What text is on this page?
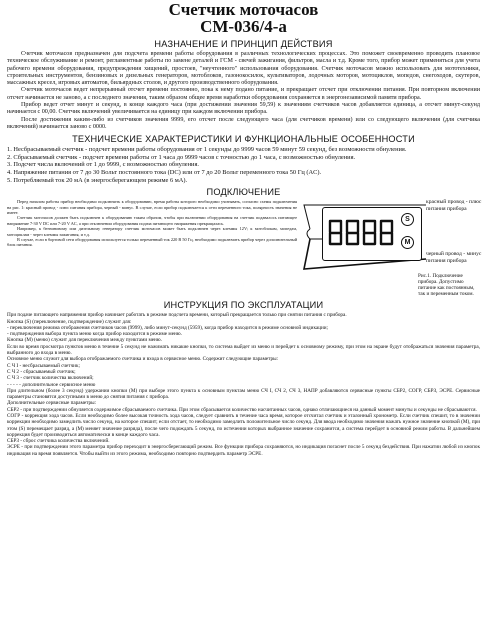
Счетчик моточасов
СМ-036/4-а
НАЗНАЧЕНИЕ И ПРИНЦИП ДЕЙСТВИЯ

Счетчик моточасов предназначен для подсчета времени работы оборудования в различных технологических процессах. Это поможет своевременно проводить плановое техническое обслуживание и ремонт, регламентные работы по замене деталей и ГСМ - свечей зажигания, фильтров, масла и т.д. Кроме того, прибор может применяться для учета рабочего времени оборудования, предупреждения хищений, простоев, "неучтенного" использования оборудования. Счетчик моточасов можно использовать для мототехники, строительных инструментов, бензиновых и дизельных генераторов, мотоблоков, газонокосилок, культиваторов, лодочных моторов, мотоциклов, мопедов, снегоходов, скутеров, массажных кресел, игровых автоматов, бильярдных столов, и другого производственного оборудования.

Счетчик моточасов ведет непрерывный отсчет времени постоянно, пока к нему подано питание, и прекращает отсчет при отключении питания. При повторном включении отсчет начинается не заново, а с последнего значения, таким образом общее время наработки оборудования сохраняется в энергонезависимой памяти прибора.

Прибор ведет отчет минут и секунд, в конце каждого часа (при достижении значения 59,59) к значениям счетчиков часов добавляется единица, а отсчет минут-секунд начинается с 00,00. Счетчик включений увеличивается на единицу при каждом включении прибора.

После достижения каким-либо из счетчиков значения 9999, его отсчет после следующего часа (для счетчиков времени) или со следующего включения (для счетчика включений) начинается заново с 0000.

ТЕХНИЧЕСКИЕ ХАРАКТЕРИСТИКИ И ФУНКЦИОНАЛЬНЫЕ ОСОБЕННОСТИ

1. Несбрасываемый счетчик - подсчет времени работы оборудования от 1 секунды до 9999 часов 59 минут 59 секунд, без возможности обнуления.

2. Сбрасываемый счетчик - подсчет времени работы от 1 часа до 9999 часов с точностью до 1 часа, с возможностью обнуления.

3. Подсчет числа включений от 1 до 9999, с возможностью обнуления.

4. Напряжение питания от 7 до 30 Вольт постоянного тока (DC) или от 7 до 20 Вольт переменного тока 50 Гц (AC).

5. Потребляемый ток 20 мА (в энергосберегающем режиме 6 мА).

ПОДКЛЮЧЕНИЕ

Перед началом работы прибор необходимо подключить к оборудованию, время работы которого необходимо учитывать, согласно схемы подключения на рис. 1: красный провод - плюс питания прибора, черный - минус. В случае, если прибор подключается к сети переменного тока, полярность значения не имеет.

Счетчик моточасов должен быть подключен к оборудованию таким образом, чтобы при включении оборудования на счетчик подавалось питающее напряжение 7-30 V DC или 7-20 V AC, а при отключении оборудования подача питающего напряжения прекращалась.

Например, к бензиновому или дизельному генератору счетчик моточасов может быть подключен через клеммы 12V; к мотоблокам, мопедам, мотоциклам - через клеммы зажигания, и т.д.

В случае, если в бортовой сети оборудования используется только переменный ток 220 В 50 Гц, необходимо подключить прибор через дополнительный блок питания.

S
M
красный провод - плюс питания прибора
черный провод - минус питания прибора
Рис.1. Подключение прибора. Допустимо питание как постоянным, так и переменным током.
ИНСТРУКЦИЯ ПО ЭКСПЛУАТАЦИИ

При подаче питающего напряжения прибор начинает работать в режиме подсчета времени, который прекращается только при снятии питания с прибора.

Кнопка (S) (переключение, подтверждение) служит для:

- переключения режима отображения счетчиков часов (9999), либо минут-секунд (5959), когда прибор находится в режиме основной индикации;

- подтверждения выбора пункта меню когда прибор находится в режиме меню.

Кнопка (M) (меню) служит для переключения между пунктами меню.

Если во время просмотра пунктов меню в течение 5 секунд не нажимать никакие кнопки, то система выйдет из меню и перейдет к основному режиму, при этом на экране будут отображаться значения параметра, выбранного до входа в меню.

Основное меню служит для выбора отображаемого счетчика и входа в сервисное меню. Содержит следующие параметры:

С Ч I - несбрасываемый счетчик;

С Ч 2 - сбрасываемый счетчик;

С Ч 3 - счетчик количества включений;

- - - - - дополнительное сервисное меню

При длительном (более 3 секунд) удержании кнопки (M) при выборе этого пункта к основным пунктам меню СЧ I, СЧ 2, СЧ 3, НАПР добавляются сервисные пункты СБР2, СОГР, СБРЗ, ЭСРЕ. Сервисные параметры становятся доступными в меню до снятия питания с прибора.

Дополнительные сервисные параметры:

СБР2 - при подтверждении обнуляется содержимое сбрасываемого счетчика. При этом сбрасывается количество насчитанных часов, однако отличающиеся на данный момент минуты и секунды не сбрасываются.

СОГР - коррекция хода часов. Если необходимо более высокая точность хода часов, следует сравнить в течение часа время, которое отсчитал счетчик и эталонный хронометр. Если счетчик спешит, то в значении коррекции необходимо замедлить число секунд, на которое спешит; если отстает, то необходимо замедлить положительное число секунд. Для ввода необходимо значения нажать нужное значение кнопкой (M), при этом (S) перемещает разряд, а (M) меняет значение разряда), после чего подождать 5 секунд, по истечении которых выбранное значение сохранится, а система перейдет в основной режим работы. В дальнейшем коррекция будет производиться автоматически в конце каждого часа.

СБРЗ - сброс счетчика количества включений.

ЭСРЕ - при подтверждении этого параметра прибор переходит в энергосберегающий режим. Все функции прибора сохраняются, но индикация погаснет после 5 секунд бездействия. При нажатии любой из кнопок индикация на время появляется. Чтобы выйти из этого режима, необходимо повторно подтвердить параметр ЭСРЕ.
